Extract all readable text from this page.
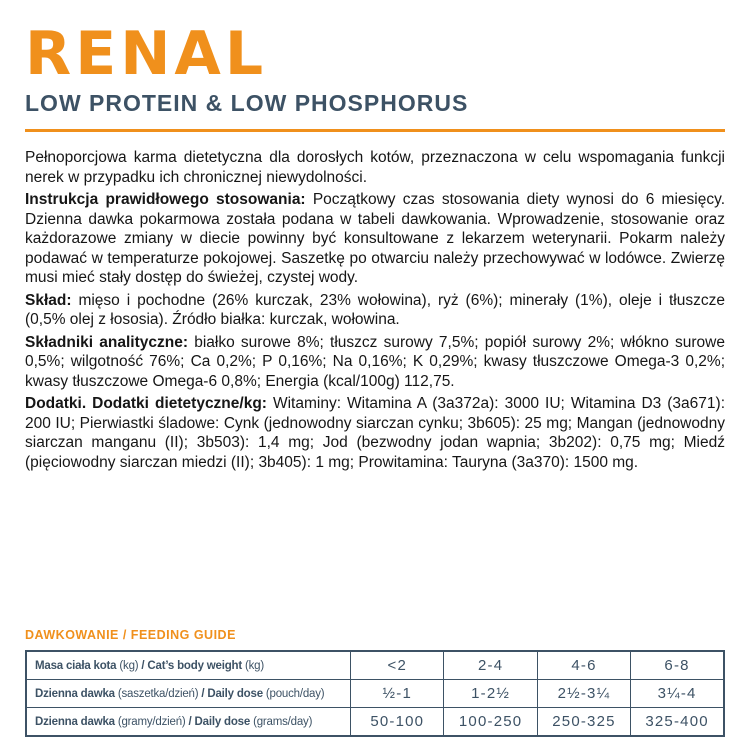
RENAL
LOW PROTEIN & LOW PHOSPHORUS

Pełnoporcjowa karma dietetyczna dla dorosłych kotów, przeznaczona w celu wspomagania funkcji nerek w przypadku ich chronicznej niewydolności.

Instrukcja prawidłowego stosowania: Początkowy czas stosowania diety wynosi do 6 miesięcy. Dzienna dawka pokarmowa została podana w tabeli dawkowania. Wprowadzenie, stosowanie oraz każdorazowe zmiany w diecie powinny być konsultowane z lekarzem weterynarii. Pokarm należy podawać w temperaturze pokojowej. Saszetkę po otwarciu należy przechowywać w lodówce. Zwierzę musi mieć stały dostęp do świeżej, czystej wody.

Skład: mięso i pochodne (26% kurczak, 23% wołowina), ryż (6%); minerały (1%), oleje i tłuszcze (0,5% olej z łososia). Źródło białka: kurczak, wołowina.

Składniki analityczne: białko surowe 8%; tłuszcz surowy 7,5%; popiół surowy 2%; włókno surowe 0,5%; wilgotność 76%; Ca 0,2%; P 0,16%; Na 0,16%; K 0,29%; kwasy tłuszczowe Omega-3 0,2%; kwasy tłuszczowe Omega-6 0,8%; Energia (kcal/100g) 112,75.

Dodatki. Dodatki dietetyczne/kg: Witaminy: Witamina A (3a372a): 3000 IU; Witamina D3 (3a671): 200 IU; Pierwiastki śladowe: Cynk (jednowodny siarczan cynku; 3b605): 25 mg; Mangan (jednowodny siarczan manganu (II); 3b503): 1,4 mg; Jod (bezwodny jodan wapnia; 3b202): 0,75 mg; Miedź (pięciowodny siarczan miedzi (II); 3b405): 1 mg; Prowitamina: Tauryna (3a370): 1500 mg.

DAWKOWANIE / FEEDING GUIDE
Masa ciała kota (kg) / Cat’s body weight (kg)	<2	2-4	4-6	6-8
Dzienna dawka (saszetka/dzień) / Daily dose (pouch/day)	½-1	1-2½	2½-3¼	3¼-4
Dzienna dawka (gramy/dzień) / Daily dose (grams/day)	50-100	100-250	250-325	325-400
